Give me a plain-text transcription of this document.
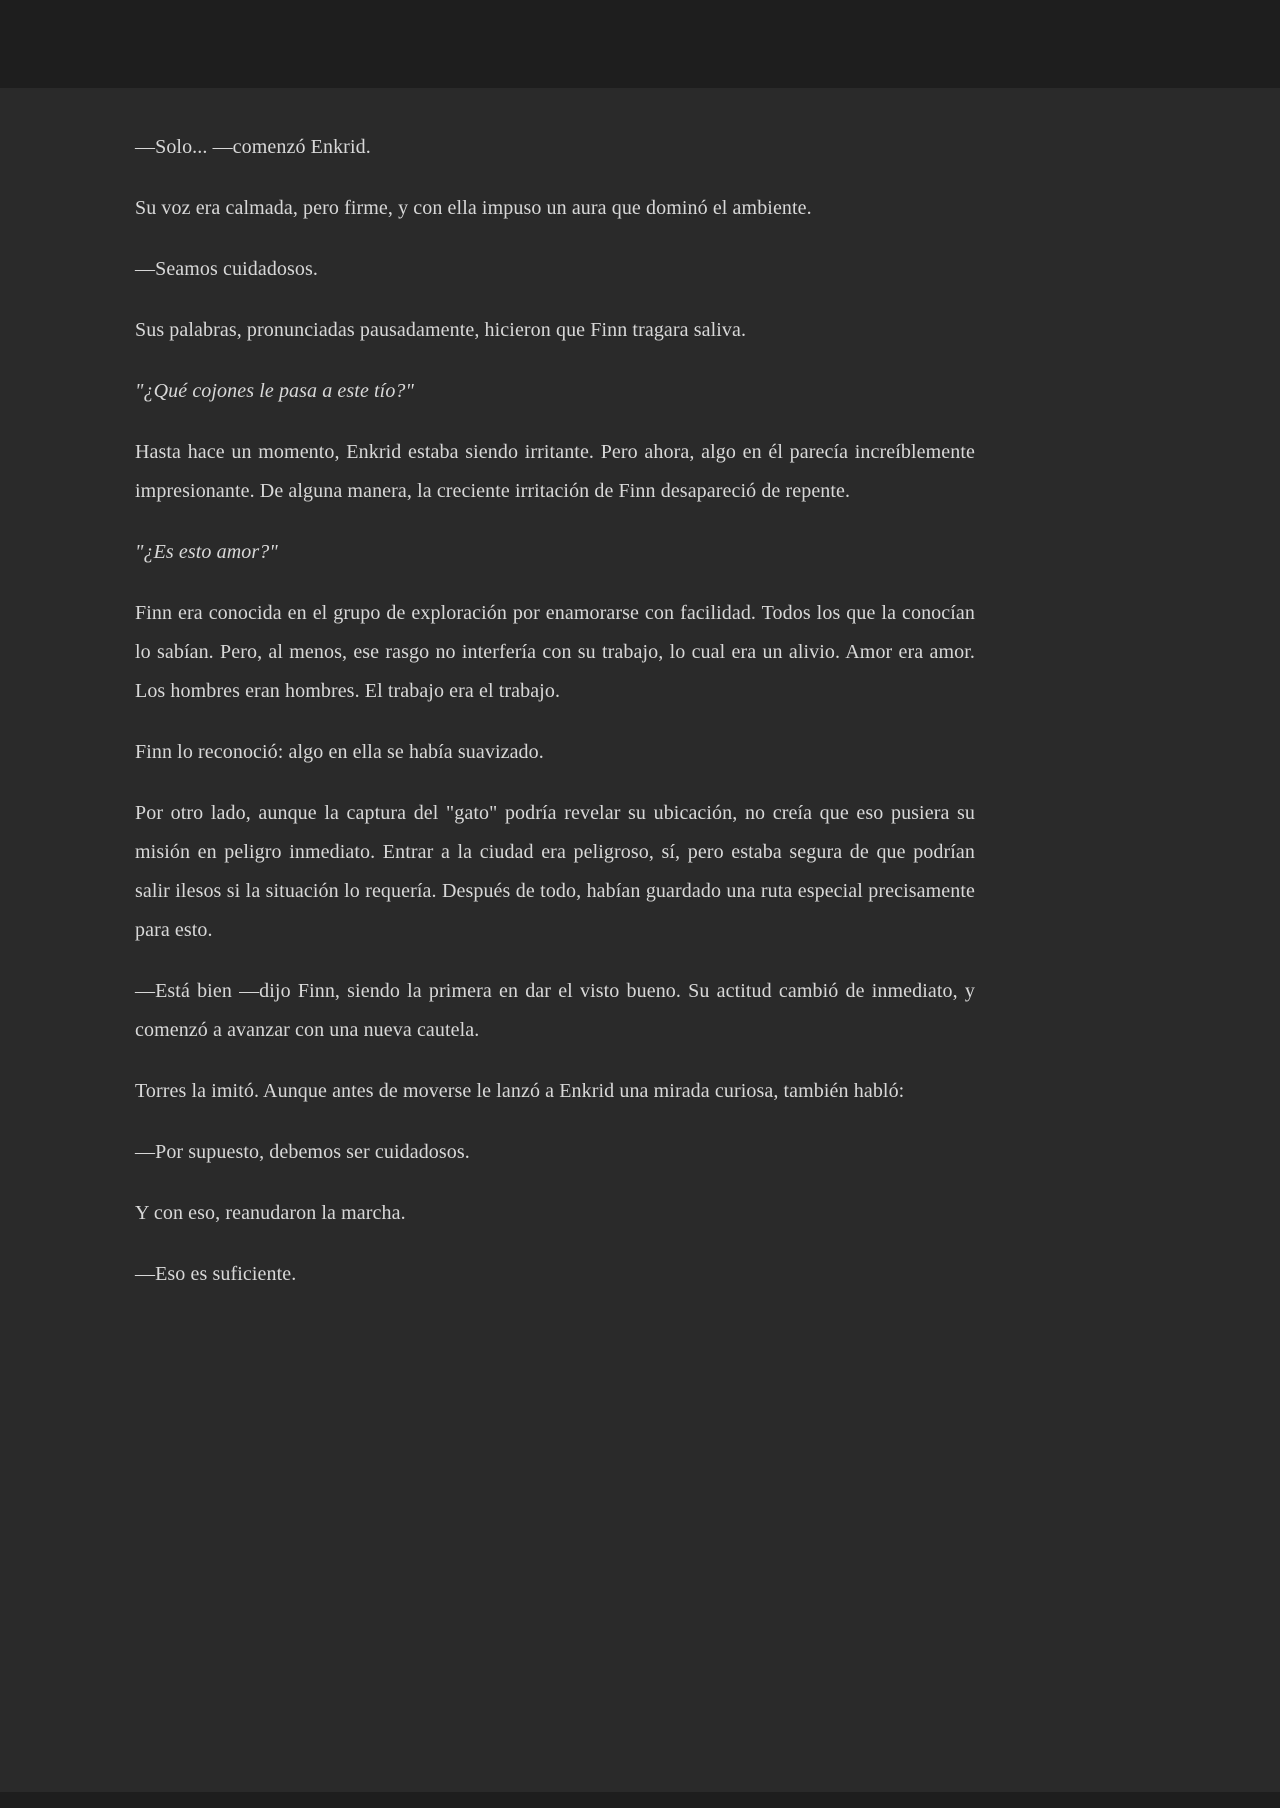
—Solo... —comenzó Enkrid.

Su voz era calmada, pero firme, y con ella impuso un aura que dominó el ambiente.

—Seamos cuidadosos.

Sus palabras, pronunciadas pausadamente, hicieron que Finn tragara saliva.

"¿Qué cojones le pasa a este tío?"

Hasta hace un momento, Enkrid estaba siendo irritante. Pero ahora, algo en él parecía increíblemente impresionante. De alguna manera, la creciente irritación de Finn desapareció de repente.

"¿Es esto amor?"

Finn era conocida en el grupo de exploración por enamorarse con facilidad. Todos los que la conocían lo sabían. Pero, al menos, ese rasgo no interfería con su trabajo, lo cual era un alivio. Amor era amor. Los hombres eran hombres. El trabajo era el trabajo.

Finn lo reconoció: algo en ella se había suavizado.

Por otro lado, aunque la captura del "gato" podría revelar su ubicación, no creía que eso pusiera su misión en peligro inmediato. Entrar a la ciudad era peligroso, sí, pero estaba segura de que podrían salir ilesos si la situación lo requería. Después de todo, habían guardado una ruta especial precisamente para esto.

—Está bien —dijo Finn, siendo la primera en dar el visto bueno. Su actitud cambió de inmediato, y comenzó a avanzar con una nueva cautela.

Torres la imitó. Aunque antes de moverse le lanzó a Enkrid una mirada curiosa, también habló:

—Por supuesto, debemos ser cuidadosos.

Y con eso, reanudaron la marcha.

—Eso es suficiente.
